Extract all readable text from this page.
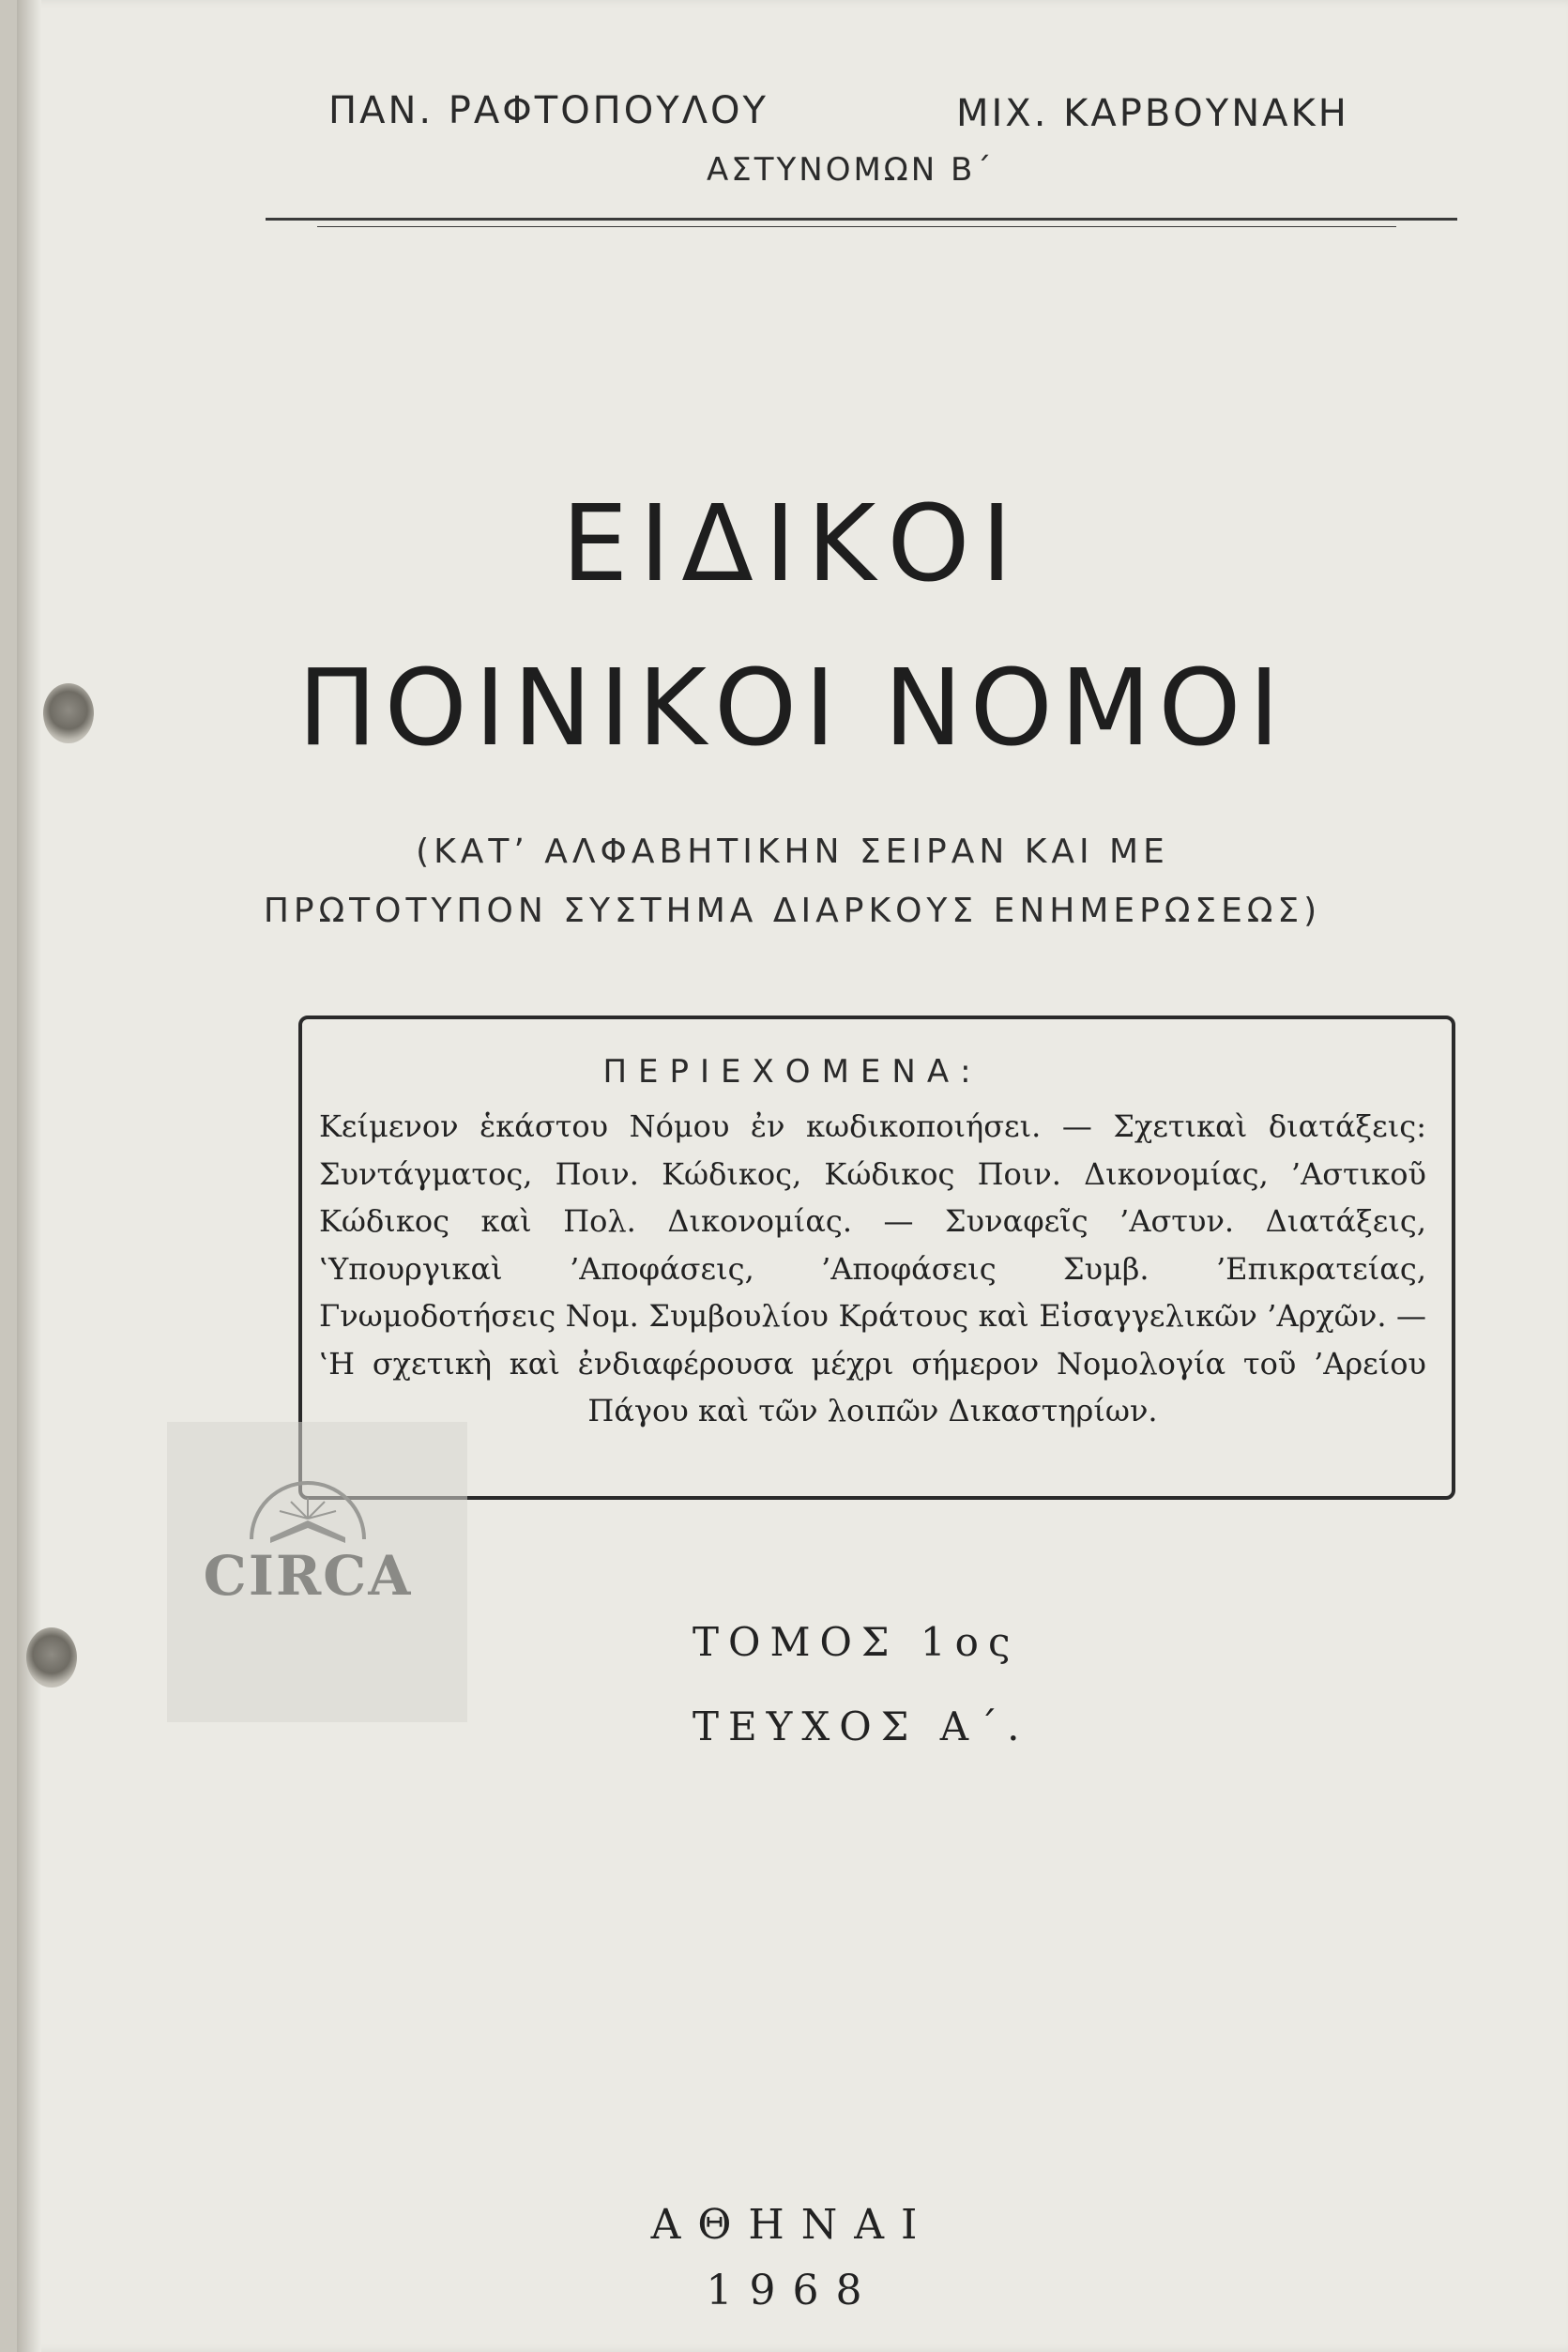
ΠΑΝ. ΡΑΦΤΟΠΟΥΛΟΥ	ΜΙΧ. ΚΑΡΒΟΥΝΑΚΗ
ΑΣΤΥΝΟΜΩΝ Β΄
ΕΙΔΙΚΟΙ
ΠΟΙΝΙΚΟΙ ΝΟΜΟΙ
(ΚΑΤ’ ΑΛΦΑΒΗΤΙΚΗΝ ΣΕΙΡΑΝ ΚΑΙ ΜΕ
ΠΡΩΤΟΤΥΠΟΝ ΣΥΣΤΗΜΑ ΔΙΑΡΚΟΥΣ ΕΝΗΜΕΡΩΣΕΩΣ)
ΠΕΡΙΕΧΟΜΕΝΑ:
Κείμενον ἑκάστου Νόμου ἐν κωδικοποιήσει. — Σχετικαὶ διατάξεις: Συντάγματος, Ποιν. Κώδικος, Κώδικος Ποιν. Δικονομίας, ’Αστικοῦ Κώδικος καὶ Πολ. Δικονομίας. — Συναφεῖς ’Αστυν. Διατάξεις, ‛Υπουργικαὶ ’Αποφάσεις, ’Αποφάσεις Συμβ. ’Επικρατείας, Γνωμοδοτήσεις Νομ. Συμβουλίου Κράτους καὶ Εἰσαγγελικῶν ’Αρχῶν. — ‛Η σχετικὴ καὶ ἐνδιαφέρουσα μέχρι σήμερον Νομολογία τοῦ ’Αρείου Πάγου καὶ τῶν λοιπῶν Δικαστηρίων.
CIRCA
ΤΟΜΟΣ 1ος
ΤΕΥΧΟΣ Α΄.
ΑΘΗΝΑΙ
1968
